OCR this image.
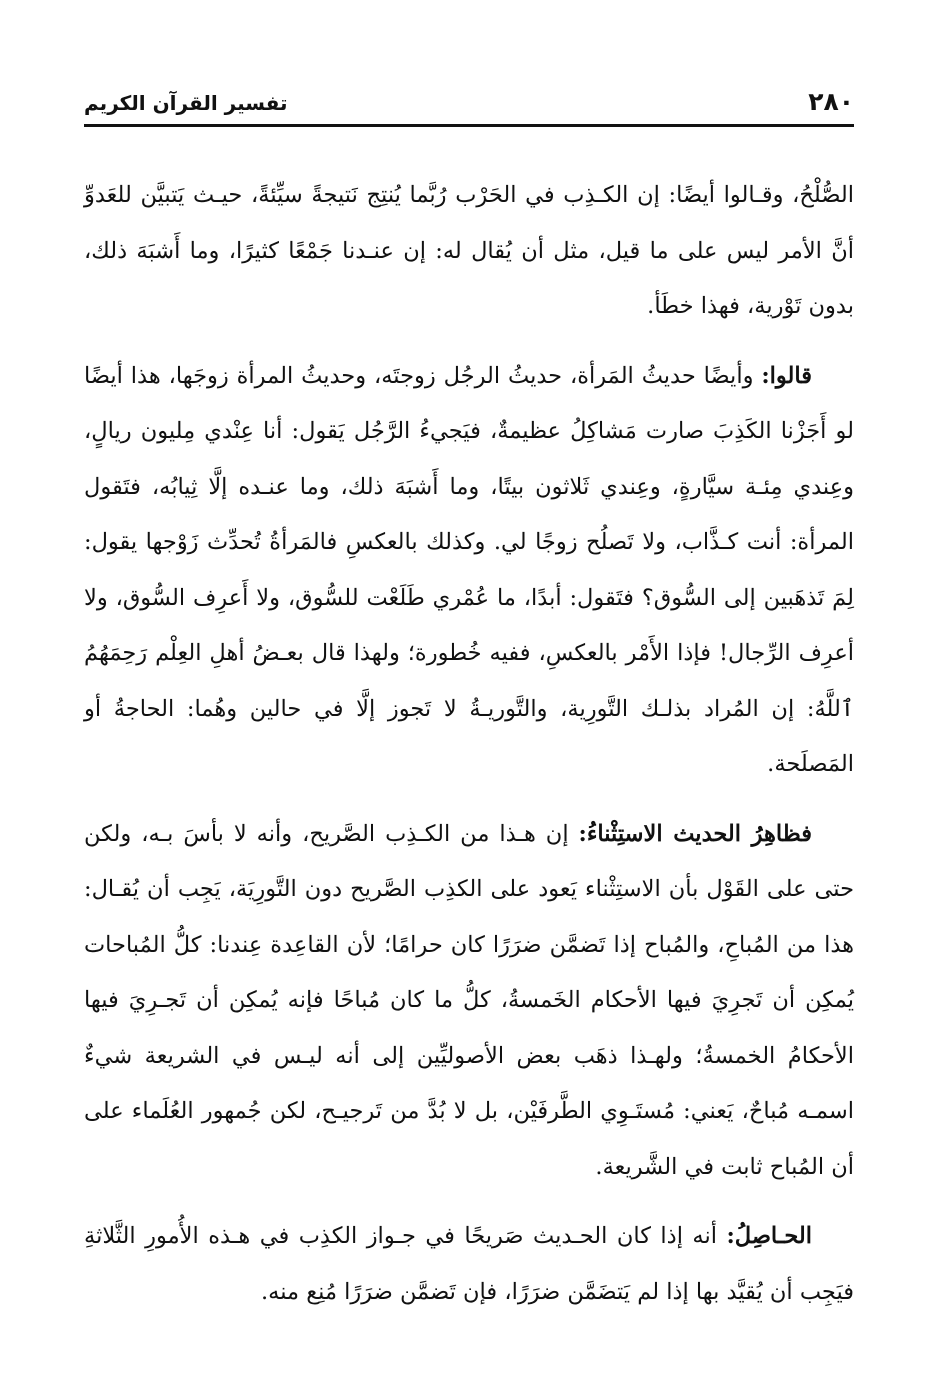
٢٨٠
تفسير القرآن الكريم

الصُّلْحُ، وقـالوا أيضًا: إن الكـذِب في الحَرْب رُبَّما يُنتِج نَتيجةً سيِّئةً، حيـث يَتبيَّن للعَدوِّ أنَّ الأمر ليس على ما قيل، مثل أن يُقال له: إن عنـدنا جَمْعًا كثيرًا، وما أَشبَهَ ذلك، بدون تَوْرية، فهذا خطَأ.

قالوا: وأيضًا حديثُ المَرأة، حديثُ الرجُل زوجتَه، وحديثُ المرأة زوجَها، هذا أيضًا لو أَجَزْنا الكَذِبَ صارت مَشاكِلُ عظيمةٌ، فيَجيءُ الرَّجُل يَقول: أنا عِنْدي مِليون ريالٍ، وعِندي مِئـة سيَّارةٍ، وعِندي ثَلاثون بيتًا، وما أَشبَهَ ذلك، وما عنـده إلَّا ثِيابُه، فتَقول المرأة: أنت كـذَّاب، ولا تَصلُح زوجًا لي. وكذلك بالعكسِ فالمَرأةُ تُحدِّث زَوْجها يقول: لِمَ تَذهَبين إلى السُّوق؟ فتَقول: أبدًا، ما عُمْري طَلَعْت للسُّوق، ولا أَعرِف السُّوق، ولا أعرِف الرِّجال! فإذا الأَمْر بالعكسِ، ففيه خُطورة؛ ولهذا قال بعـضُ أهلِ العِلْم رَحِمَهُمُ ٱللَّهُ: إن المُراد بذلـك التَّورِية، والتَّوريـةُ لا تَجوز إلَّا في حالين وهُما: الحاجةُ أو المَصلَحة.

فظاهِرُ الحديث الاستِثْناءُ: إن هـذا من الكـذِب الصَّريح، وأنه لا بأسَ بـه، ولكن حتى على القَوْل بأن الاستِثْناء يَعود على الكذِب الصَّريح دون التَّورِيَة، يَجِب أن يُقـال: هذا من المُباحِ، والمُباح إذا تَضمَّن ضرَرًا كان حرامًا؛ لأن القاعِدة عِندنا: كلُّ المُباحات يُمكِن أن تَجرِيَ فيها الأحكام الخَمسةُ، كلُّ ما كان مُباحًا فإنه يُمكِن أن تَجـرِيَ فيها الأحكامُ الخمسةُ؛ ولهـذا ذهَب بعض الأصوليِّين إلى أنه ليـس في الشريعة شيءٌ اسمـه مُباحٌ، يَعني: مُستَـوِي الطَّرفَيْن، بل لا بُدَّ من تَرجيـح، لكن جُمهور العُلَماء على أن المُباح ثابت في الشَّريعة.

الحـاصِلُ: أنه إذا كان الحـديث صَريحًا في جـواز الكذِب في هـذه الأُمورِ الثَّلاثةِ فيَجِب أن يُقيَّد بها إذا لم يَتضَمَّن ضرَرًا، فإن تَضمَّن ضرَرًا مُنِع منه.
